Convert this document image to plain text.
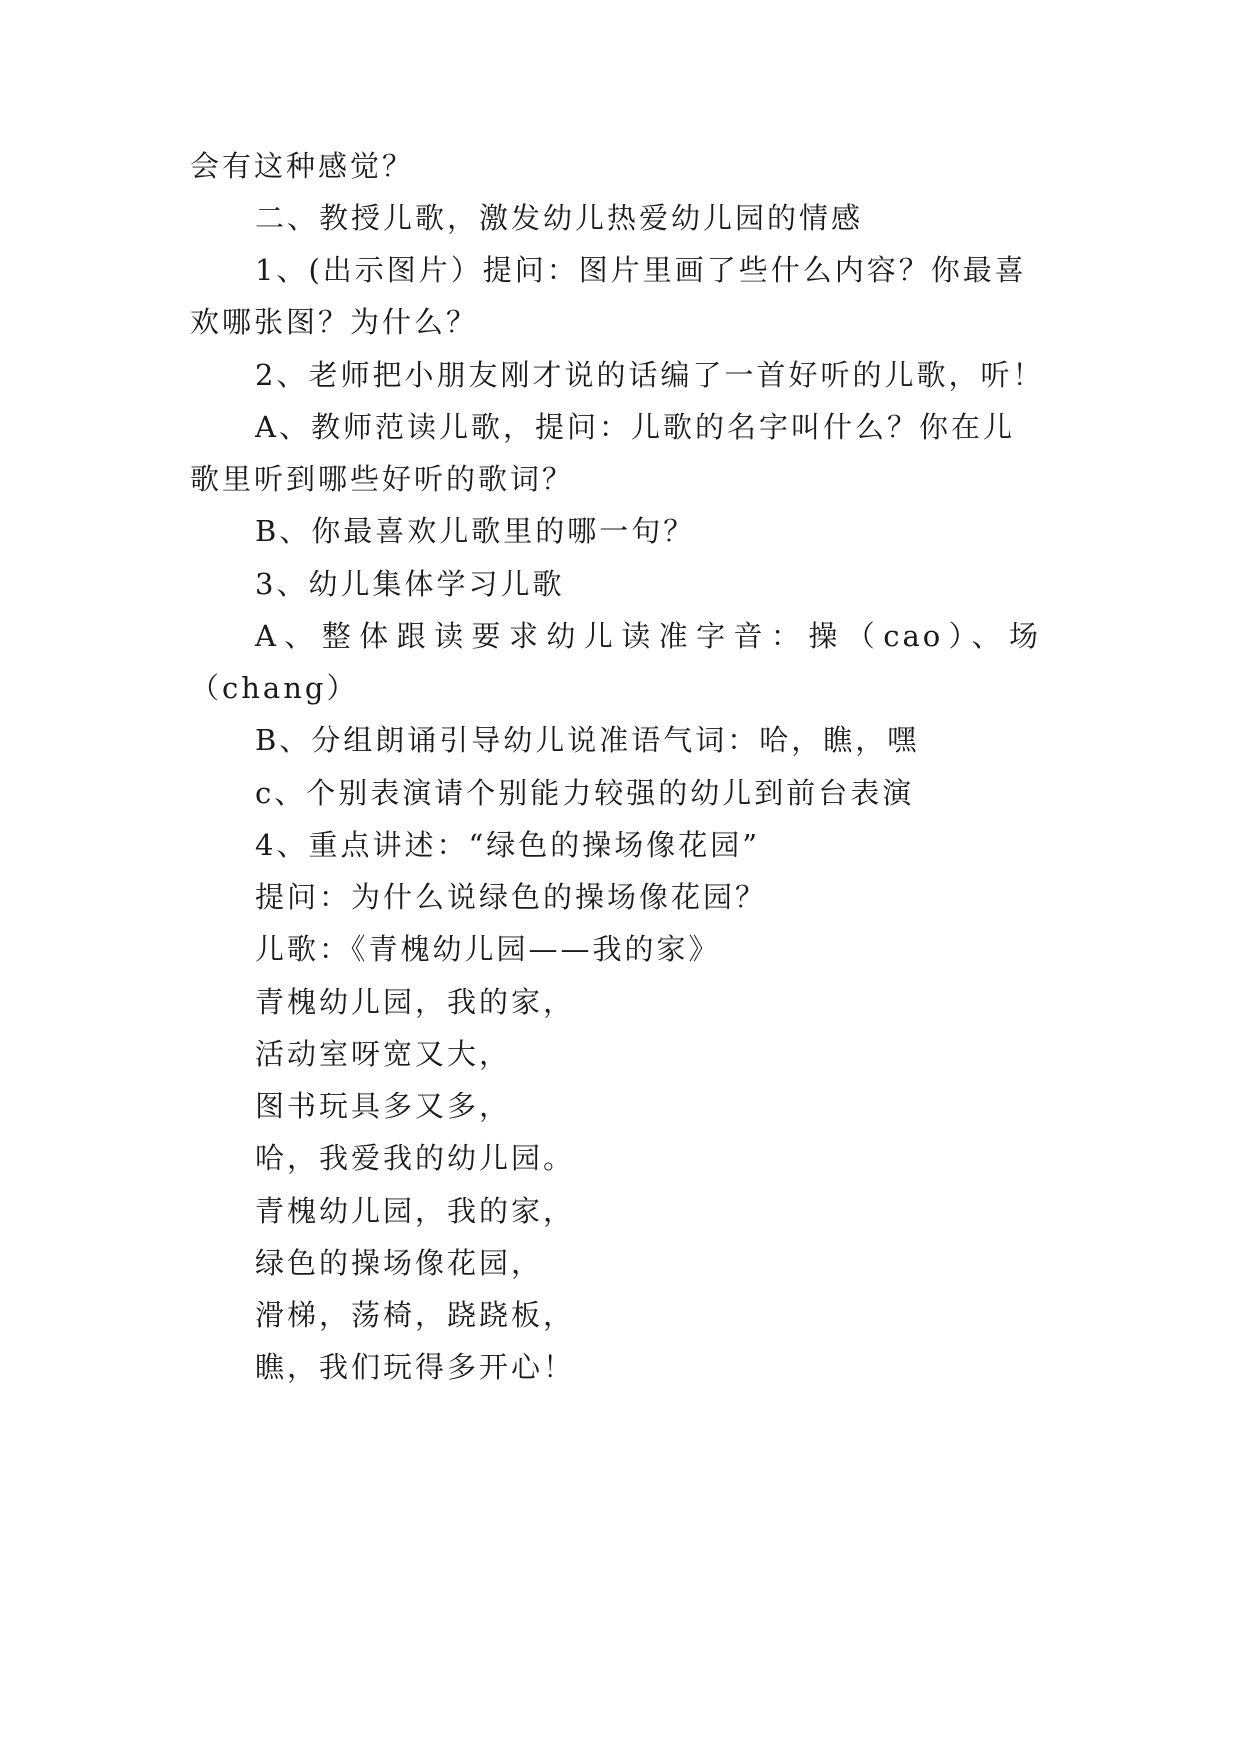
会有这种感觉？
二、教授儿歌，激发幼儿热爱幼儿园的情感
1、(出示图片）提问：图片里画了些什么内容？你最喜
欢哪张图？为什么？
2、老师把小朋友刚才说的话编了一首好听的儿歌，听！
A、教师范读儿歌，提问：儿歌的名字叫什么？你在儿
歌里听到哪些好听的歌词？
B、你最喜欢儿歌里的哪一句？
3、幼儿集体学习儿歌
A、整体跟读要求幼儿读准字音：操（cao）、场
（chang）
B、分组朗诵引导幼儿说准语气词：哈，瞧，嘿
c、个别表演请个别能力较强的幼儿到前台表演
4、重点讲述：“绿色的操场像花园”
提问：为什么说绿色的操场像花园？
儿歌：《青槐幼儿园——我的家》
青槐幼儿园，我的家，
活动室呀宽又大，
图书玩具多又多，
哈，我爱我的幼儿园。
青槐幼儿园，我的家，
绿色的操场像花园，
滑梯，荡椅，跷跷板，
瞧，我们玩得多开心！
